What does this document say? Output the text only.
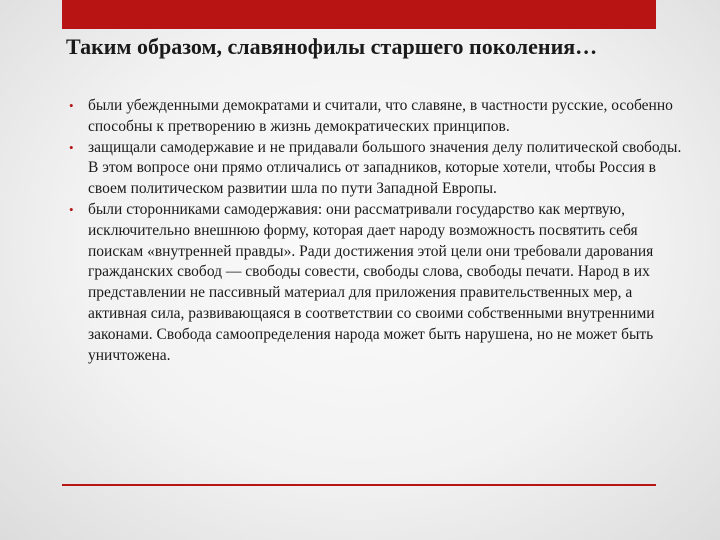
Таким образом, славянофилы старшего поколения…
• были убежденными демократами и считали, что славяне, в частности русские, особенно способны к претворению в жизнь демократических принципов.
• защищали самодержавие и не придавали большого значения делу политической свободы. В этом вопросе они прямо отличались от западников, которые хотели, чтобы Россия в своем политическом развитии шла по пути Западной Европы.
• были сторонниками самодержавия: они рассматривали государство как мертвую, исключительно внешнюю форму, которая дает народу возможность посвятить себя поискам «внутренней правды». Ради достижения этой цели они требовали дарования гражданских свобод — свободы совести, свободы слова, свободы печати. Народ в их представлении не пассивный материал для приложения правительственных мер, а активная сила, развивающаяся в соответствии со своими собственными внутренними законами. Свобода самоопределения народа может быть нарушена, но не может быть уничтожена.
